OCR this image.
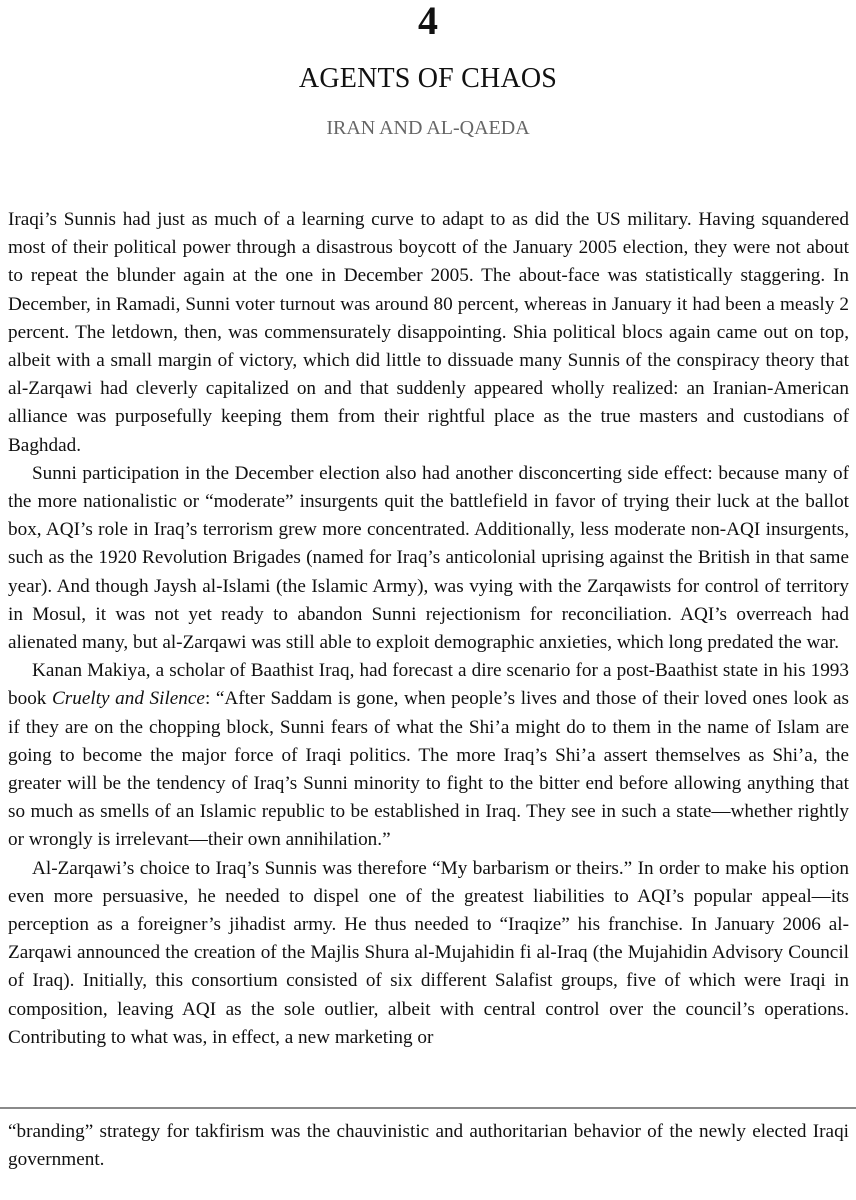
4
AGENTS OF CHAOS
IRAN AND AL-QAEDA

Iraqi’s Sunnis had just as much of a learning curve to adapt to as did the US military. Having squandered most of their political power through a disastrous boycott of the January 2005 election, they were not about to repeat the blunder again at the one in December 2005. The about-face was statistically staggering. In December, in Ramadi, Sunni voter turnout was around 80 percent, whereas in January it had been a measly 2 percent. The letdown, then, was commensurately disappointing. Shia political blocs again came out on top, albeit with a small margin of victory, which did little to dissuade many Sunnis of the conspiracy theory that al-Zarqawi had cleverly capitalized on and that suddenly appeared wholly realized: an Iranian-American alliance was purposefully keeping them from their rightful place as the true masters and custodians of Baghdad.

Sunni participation in the December election also had another disconcerting side effect: because many of the more nationalistic or “moderate” insurgents quit the battlefield in favor of trying their luck at the ballot box, AQI’s role in Iraq’s terrorism grew more concentrated. Additionally, less moderate non-AQI insurgents, such as the 1920 Revolution Brigades (named for Iraq’s anticolonial uprising against the British in that same year). And though Jaysh al-Islami (the Islamic Army), was vying with the Zarqawists for control of territory in Mosul, it was not yet ready to abandon Sunni rejectionism for reconciliation. AQI’s overreach had alienated many, but al-Zarqawi was still able to exploit demographic anxieties, which long predated the war.

Kanan Makiya, a scholar of Baathist Iraq, had forecast a dire scenario for a post-Baathist state in his 1993 book Cruelty and Silence: “After Saddam is gone, when people’s lives and those of their loved ones look as if they are on the chopping block, Sunni fears of what the Shi’a might do to them in the name of Islam are going to become the major force of Iraqi politics. The more Iraq’s Shi’a assert themselves as Shi’a, the greater will be the tendency of Iraq’s Sunni minority to fight to the bitter end before allowing anything that so much as smells of an Islamic republic to be established in Iraq. They see in such a state—whether rightly or wrongly is irrelevant—their own annihilation.”

Al-Zarqawi’s choice to Iraq’s Sunnis was therefore “My barbarism or theirs.” In order to make his option even more persuasive, he needed to dispel one of the greatest liabilities to AQI’s popular appeal—its perception as a foreigner’s jihadist army. He thus needed to “Iraqize” his franchise. In January 2006 al-Zarqawi announced the creation of the Majlis Shura al-Mujahidin fi al-Iraq (the Mujahidin Advisory Council of Iraq). Initially, this consortium consisted of six different Salafist groups, five of which were Iraqi in composition, leaving AQI as the sole outlier, albeit with central control over the council’s operations. Contributing to what was, in effect, a new marketing or

“branding” strategy for takfirism was the chauvinistic and authoritarian behavior of the newly elected Iraqi government.
